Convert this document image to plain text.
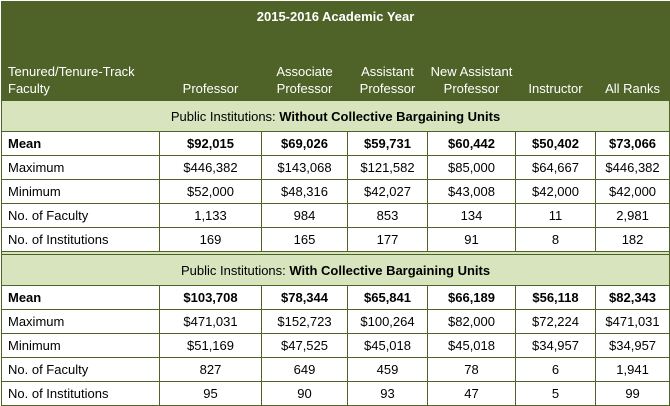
2015-2016 Academic Year						
Tenured/Tenure-Track Faculty	Professor	Associate Professor	Assistant Professor	New Assistant Professor	Instructor	All Ranks
Public Institutions: Without Collective Bargaining Units						
Mean	$92,015	$69,026	$59,731	$60,442	$50,402	$73,066
Maximum	$446,382	$143,068	$121,582	$85,000	$64,667	$446,382
Minimum	$52,000	$48,316	$42,027	$43,008	$42,000	$42,000
No. of Faculty	1,133	984	853	134	11	2,981
No. of Institutions	169	165	177	91	8	182

Public Institutions: With Collective Bargaining Units						
Mean	$103,708	$78,344	$65,841	$66,189	$56,118	$82,343
Maximum	$471,031	$152,723	$100,264	$82,000	$72,224	$471,031
Minimum	$51,169	$47,525	$45,018	$45,018	$34,957	$34,957
No. of Faculty	827	649	459	78	6	1,941
No. of Institutions	95	90	93	47	5	99
